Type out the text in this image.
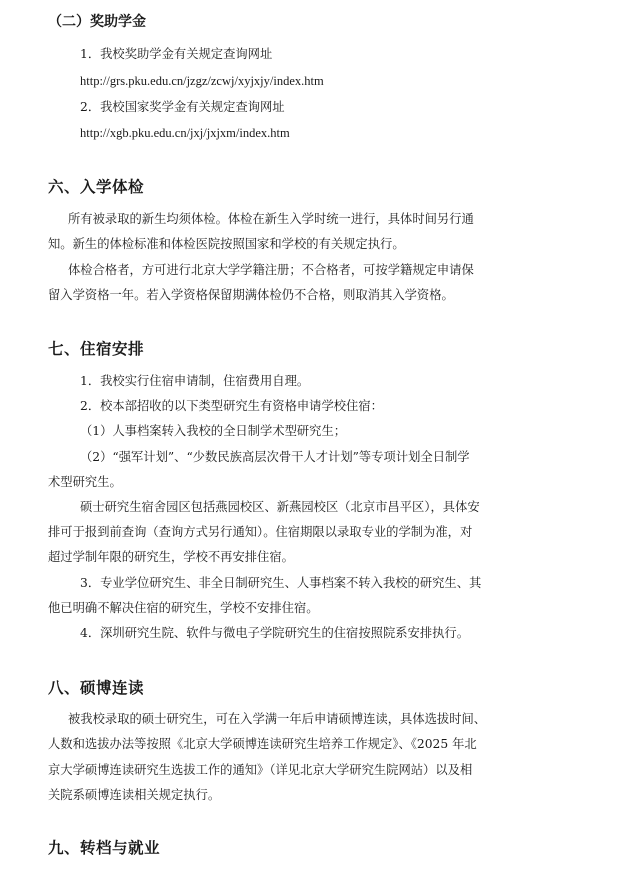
（二）奖助学金
1．我校奖助学金有关规定查询网址
http://grs.pku.edu.cn/jzgz/zcwj/xyjxjy/index.htm
2．我校国家奖学金有关规定查询网址
http://xgb.pku.edu.cn/jxj/jxjxm/index.htm
六、入学体检
所有被录取的新生均须体检。体检在新生入学时统一进行，具体时间另行通
知。新生的体检标准和体检医院按照国家和学校的有关规定执行。
体检合格者，方可进行北京大学学籍注册；不合格者，可按学籍规定申请保
留入学资格一年。若入学资格保留期满体检仍不合格，则取消其入学资格。
七、住宿安排
1．我校实行住宿申请制，住宿费用自理。
2．校本部招收的以下类型研究生有资格申请学校住宿：
（1）人事档案转入我校的全日制学术型研究生；
（2）“强军计划”、“少数民族高层次骨干人才计划”等专项计划全日制学
术型研究生。
硕士研究生宿舍园区包括燕园校区、新燕园校区（北京市昌平区），具体安
排可于报到前查询（查询方式另行通知）。住宿期限以录取专业的学制为准，对
超过学制年限的研究生，学校不再安排住宿。
3．专业学位研究生、非全日制研究生、人事档案不转入我校的研究生、其
他已明确不解决住宿的研究生，学校不安排住宿。
4．深圳研究生院、软件与微电子学院研究生的住宿按照院系安排执行。
八、硕博连读
被我校录取的硕士研究生，可在入学满一年后申请硕博连读，具体选拔时间、
人数和选拔办法等按照《北京大学硕博连读研究生培养工作规定》、《2025 年北
京大学硕博连读研究生选拔工作的通知》（详见北京大学研究生院网站）以及相
关院系硕博连读相关规定执行。
九、转档与就业
